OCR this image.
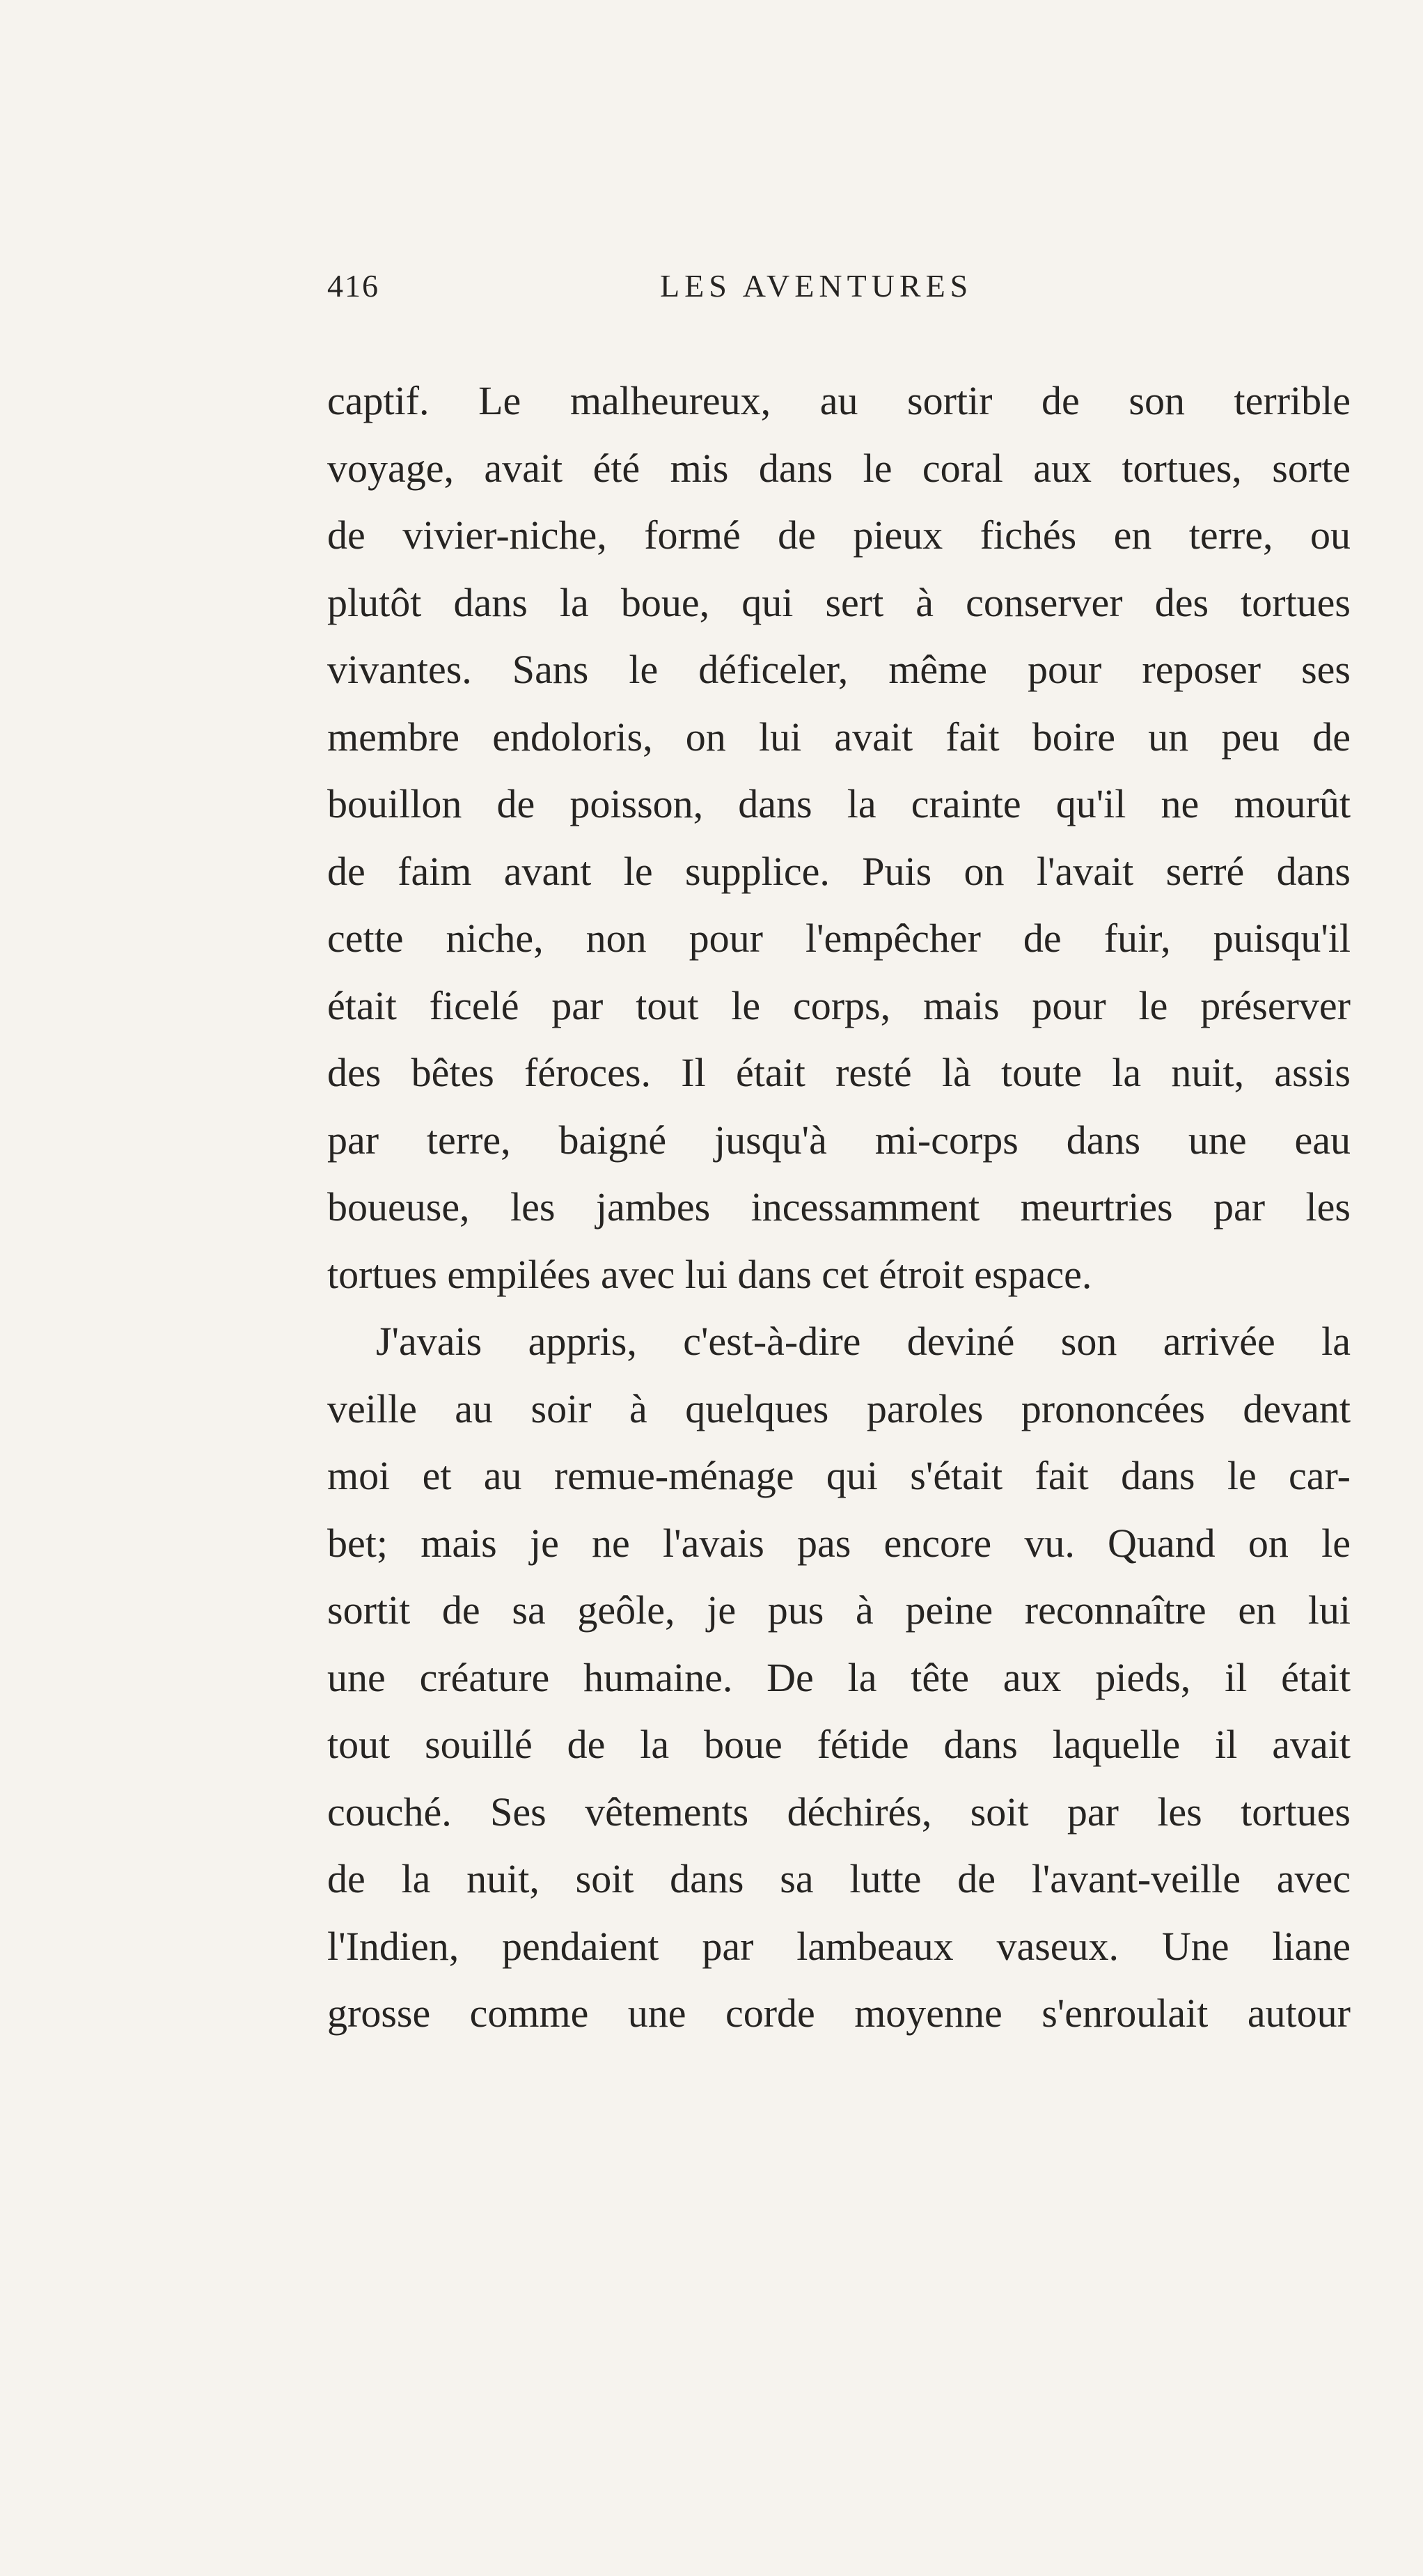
416	LES AVENTURES
captif. Le malheureux, au sortir de son terrible
voyage, avait été mis dans le coral aux tortues, sorte
de vivier-niche, formé de pieux fichés en terre, ou
plutôt dans la boue, qui sert à conserver des tortues
vivantes. Sans le déficeler, même pour reposer ses
membre endoloris, on lui avait fait boire un peu de
bouillon de poisson, dans la crainte qu'il ne mourût
de faim avant le supplice. Puis on l'avait serré dans
cette niche, non pour l'empêcher de fuir, puisqu'il
était ficelé par tout le corps, mais pour le préserver
des bêtes féroces. Il était resté là toute la nuit, assis
par terre, baigné jusqu'à mi-corps dans une eau
boueuse, les jambes incessamment meurtries par les
tortues empilées avec lui dans cet étroit espace.
J'avais appris, c'est-à-dire deviné son arrivée la
veille au soir à quelques paroles prononcées devant
moi et au remue-ménage qui s'était fait dans le car-
bet; mais je ne l'avais pas encore vu. Quand on le
sortit de sa geôle, je pus à peine reconnaître en lui
une créature humaine. De la tête aux pieds, il était
tout souillé de la boue fétide dans laquelle il avait
couché. Ses vêtements déchirés, soit par les tortues
de la nuit, soit dans sa lutte de l'avant-veille avec
l'Indien, pendaient par lambeaux vaseux. Une liane
grosse comme une corde moyenne s'enroulait autour
